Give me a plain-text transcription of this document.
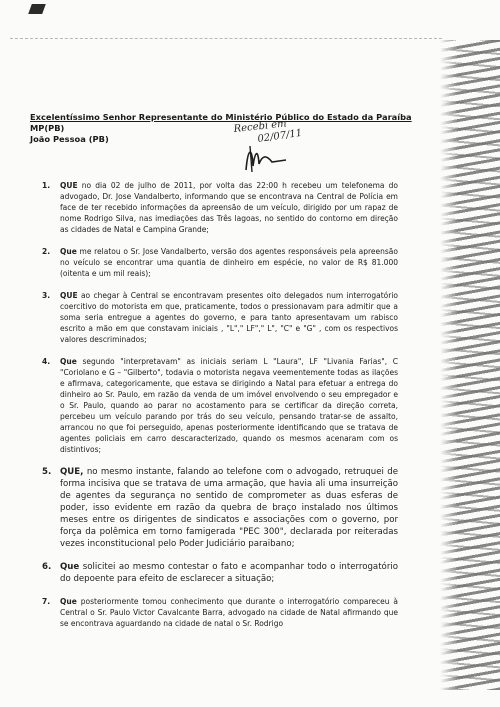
Excelentíssimo Senhor Representante do Ministério Público do Estado da Paraíba
MP(PB)
João Pessoa (PB)
Recebi em
02/07/11
1. QUE no dia 02 de julho de 2011, por volta das 22:00 h recebeu um telefonema do advogado, Dr. Jose Vandalberto, informando que se encontrava na Central de Polícia em face de ter recebido informações da apreensão de um veículo, dirigido por um rapaz de nome Rodrigo Silva, nas imediações das Três lagoas, no sentido do contorno em direção as cidades de Natal e Campina Grande;
2. Que me relatou o Sr. Jose Vandalberto, versão dos agentes responsáveis pela apreensão no veículo se encontrar uma quantia de dinheiro em espécie, no valor de R$ 81.000 (oitenta e um mil reais);
3. QUE ao chegar à Central se encontravam presentes oito delegados num interrogatório coercitivo do motorista em que, praticamente, todos o pressionavam para admitir que a soma seria entregue a agentes do governo, e para tanto apresentavam um rabisco escrito a mão em que constavam iniciais , "L"," LF"," L", "C" e "G" , com os respectivos valores descriminados;
4. Que segundo "interpretavam" as iniciais seriam L "Laura", LF "Livania Farias", C "Coriolano e G – "Gilberto", todavia o motorista negava veementemente todas as ilações e afirmava, categoricamente, que estava se dirigindo a Natal para efetuar a entrega do dinheiro ao Sr. Paulo, em razão da venda de um imóvel envolvendo o seu empregador e o Sr. Paulo, quando ao parar no acostamento para se certificar da direção correta, percebeu um veículo parando por trás do seu veículo, pensando tratar-se de assalto, arrancou no que foi perseguido, apenas posteriormente identificando que se tratava de agentes policiais em carro descaracterizado, quando os mesmos acenaram com os distintivos;
5. QUE, no mesmo instante, falando ao telefone com o advogado, retruquei de forma incisiva que se tratava de uma armação, que havia ali uma insurreição de agentes da segurança no sentido de comprometer as duas esferas de poder, isso evidente em razão da quebra de braço instalado nos últimos meses entre os dirigentes de sindicatos e associações com o governo, por força da polêmica em torno famigerada "PEC 300", declarada por reiteradas vezes inconstitucional pelo Poder Judiciário paraibano;
6. Que solicitei ao mesmo contestar o fato e acompanhar todo o interrogatório do depoente para efeito de esclarecer a situação;
7. Que posteriormente tomou conhecimento que durante o interrogatório compareceu à Central o Sr. Paulo Victor Cavalcante Barra, advogado na cidade de Natal afirmando que se encontrava aguardando na cidade de natal o Sr. Rodrigo
